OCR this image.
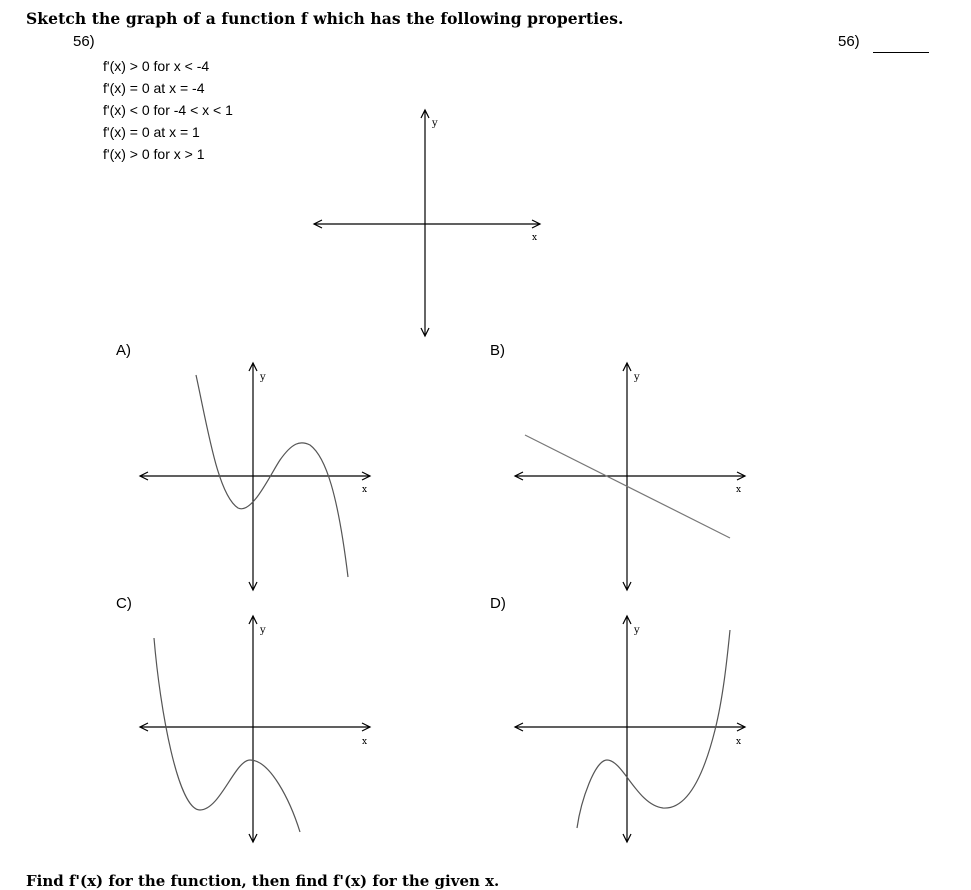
Sketch the graph of a function f which has the following properties.
56)	56)
f'(x) > 0 for x < -4
f'(x) = 0 at x = -4
f'(x) < 0 for -4 < x < 1
f'(x) = 0 at x = 1
f'(x) > 0 for x > 1
y
x
A)
y
x
B)
y
x
C)
y
x
D)
y
x
Find f'(x) for the function, then find f'(x) for the given x.
